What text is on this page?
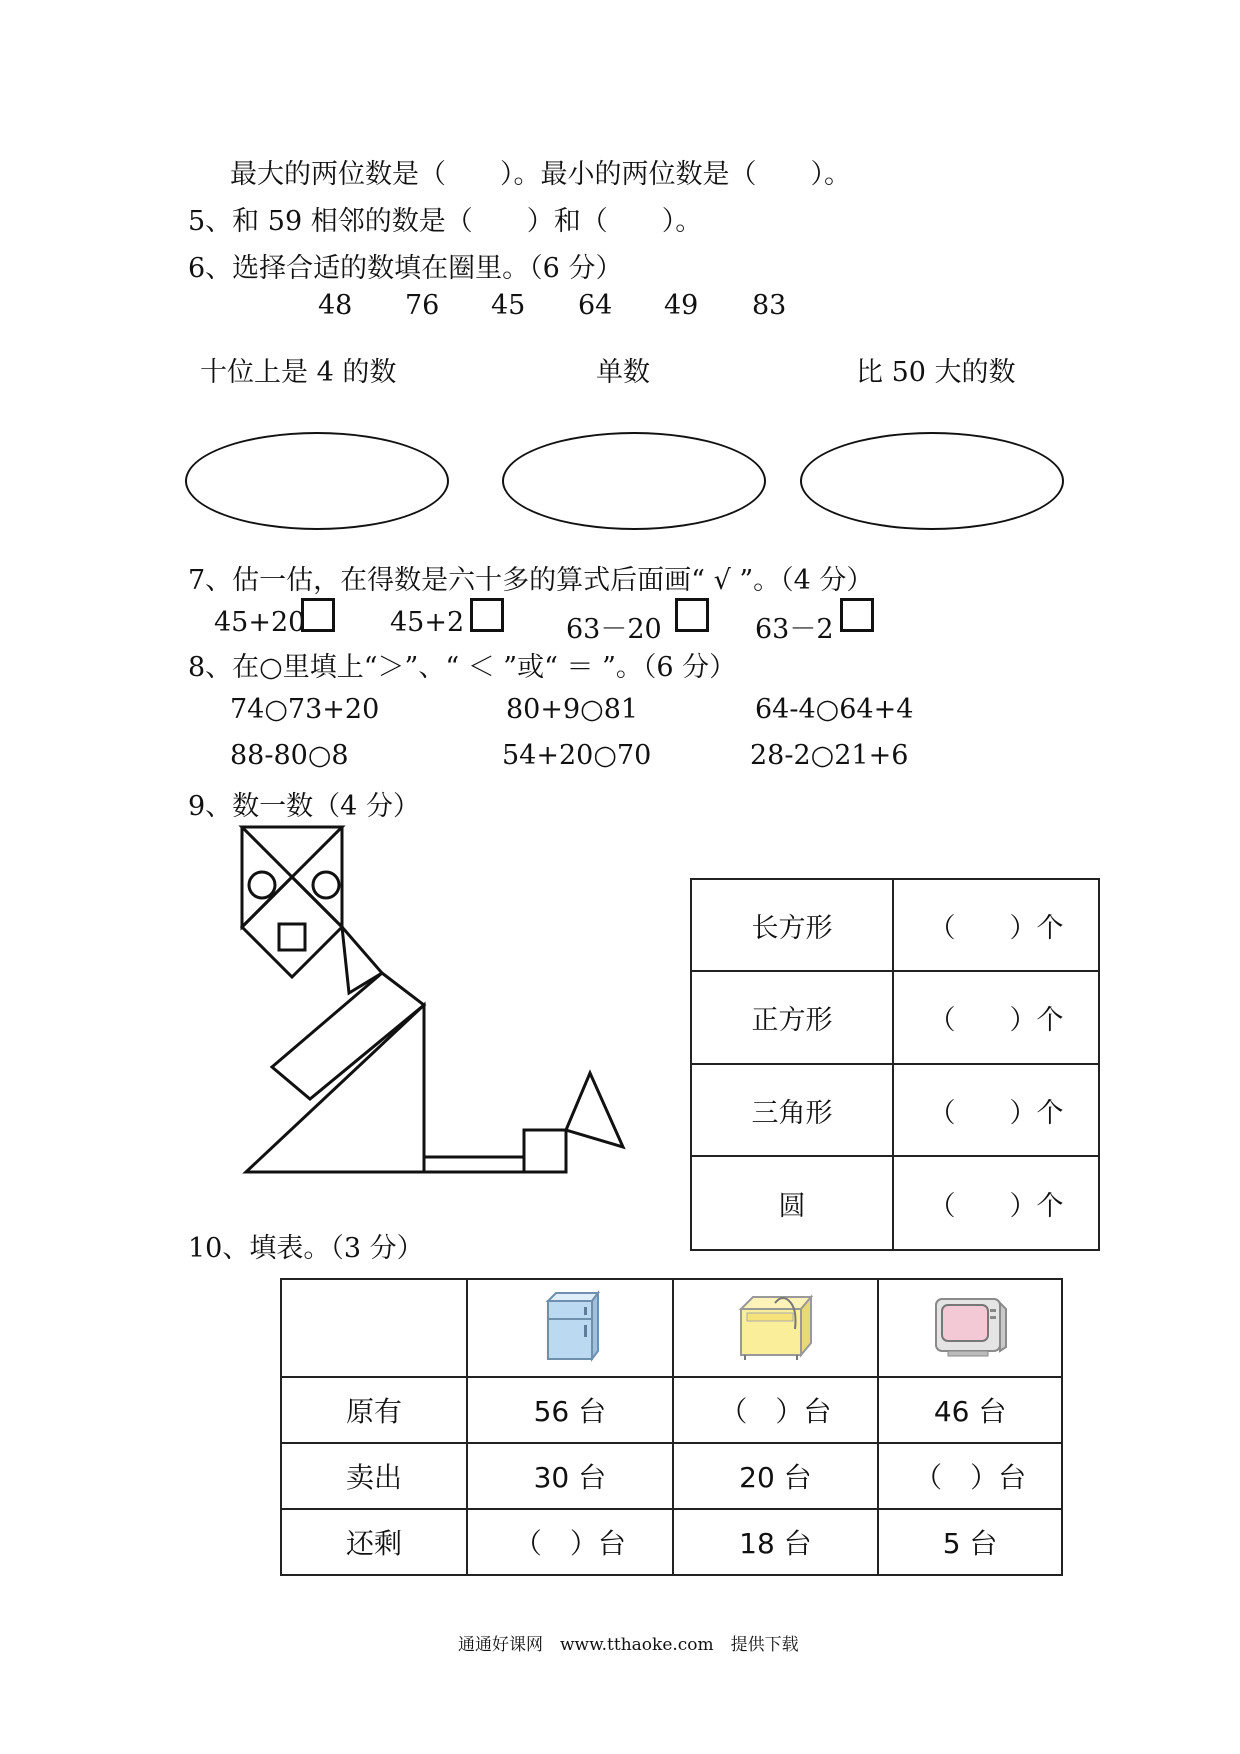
最大的两位数是（　　）。最小的两位数是（　　）。
5、和 59 相邻的数是（　　）和（　　）。
6、选择合适的数填在圈里。（6 分）
48 76 45 64 49 83
十位上是 4 的数	单数	比 50 大的数
7、估一估，在得数是六十多的算式后面画“ √ ”。（4 分）
45+20	45+2	63－20	63－2
8、在○里填上“＞”、“ ＜ ”或“ ＝ ”。（6 分）
74○73+20	80+9○81	64-4○64+4
88-80○8	54+20○70	28-2○21+6
9、数一数（4 分）
长方形	（　　）个
正方形	（　　）个
三角形	（　　）个
圆	（　　）个
10、填表。（3 分）

原有	56 台	（　）台	46 台
卖出	30 台	20 台	（　）台
还剩	（　）台	18 台	5 台
通通好课网　www.tthaoke.com　提供下载
